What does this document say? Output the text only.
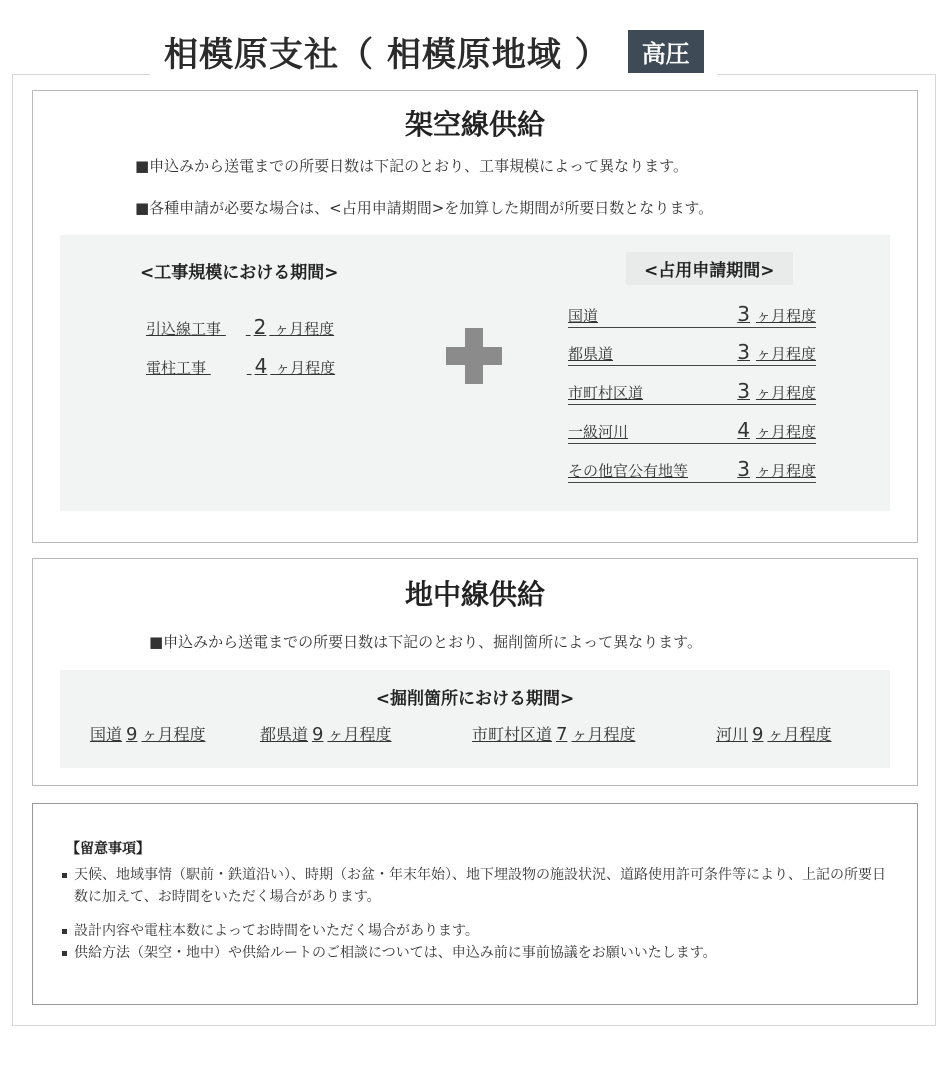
相模原支社（ 相模原地域 ）	高圧
架空線供給
■申込みから送電までの所要日数は下記のとおり、工事規模によって異なります。
■各種申請が必要な場合は、<占用申請期間>を加算した期間が所要日数となります。
<工事規模における期間>
引込線工事 2 ヶ月程度
電柱工事 4 ヶ月程度
<占用申請期間>
国道	3 ヶ月程度
都県道	3 ヶ月程度
市町村区道	3 ヶ月程度
一級河川	4 ヶ月程度
その他官公有地等 3 ヶ月程度
地中線供給
■申込みから送電までの所要日数は下記のとおり、掘削箇所によって異なります。
<掘削箇所における期間>
国道 9 ヶ月程度	都県道 9 ヶ月程度	市町村区道 7 ヶ月程度	河川 9 ヶ月程度
【留意事項】
天候、地域事情（駅前・鉄道沿い）、時期（お盆・年末年始）、地下埋設物の施設状況、道路使用許可条件等により、上記の所要日数に加えて、お時間をいただく場合があります。
設計内容や電柱本数によってお時間をいただく場合があります。
供給方法（架空・地中）や供給ルートのご相談については、申込み前に事前協議をお願いいたします。
